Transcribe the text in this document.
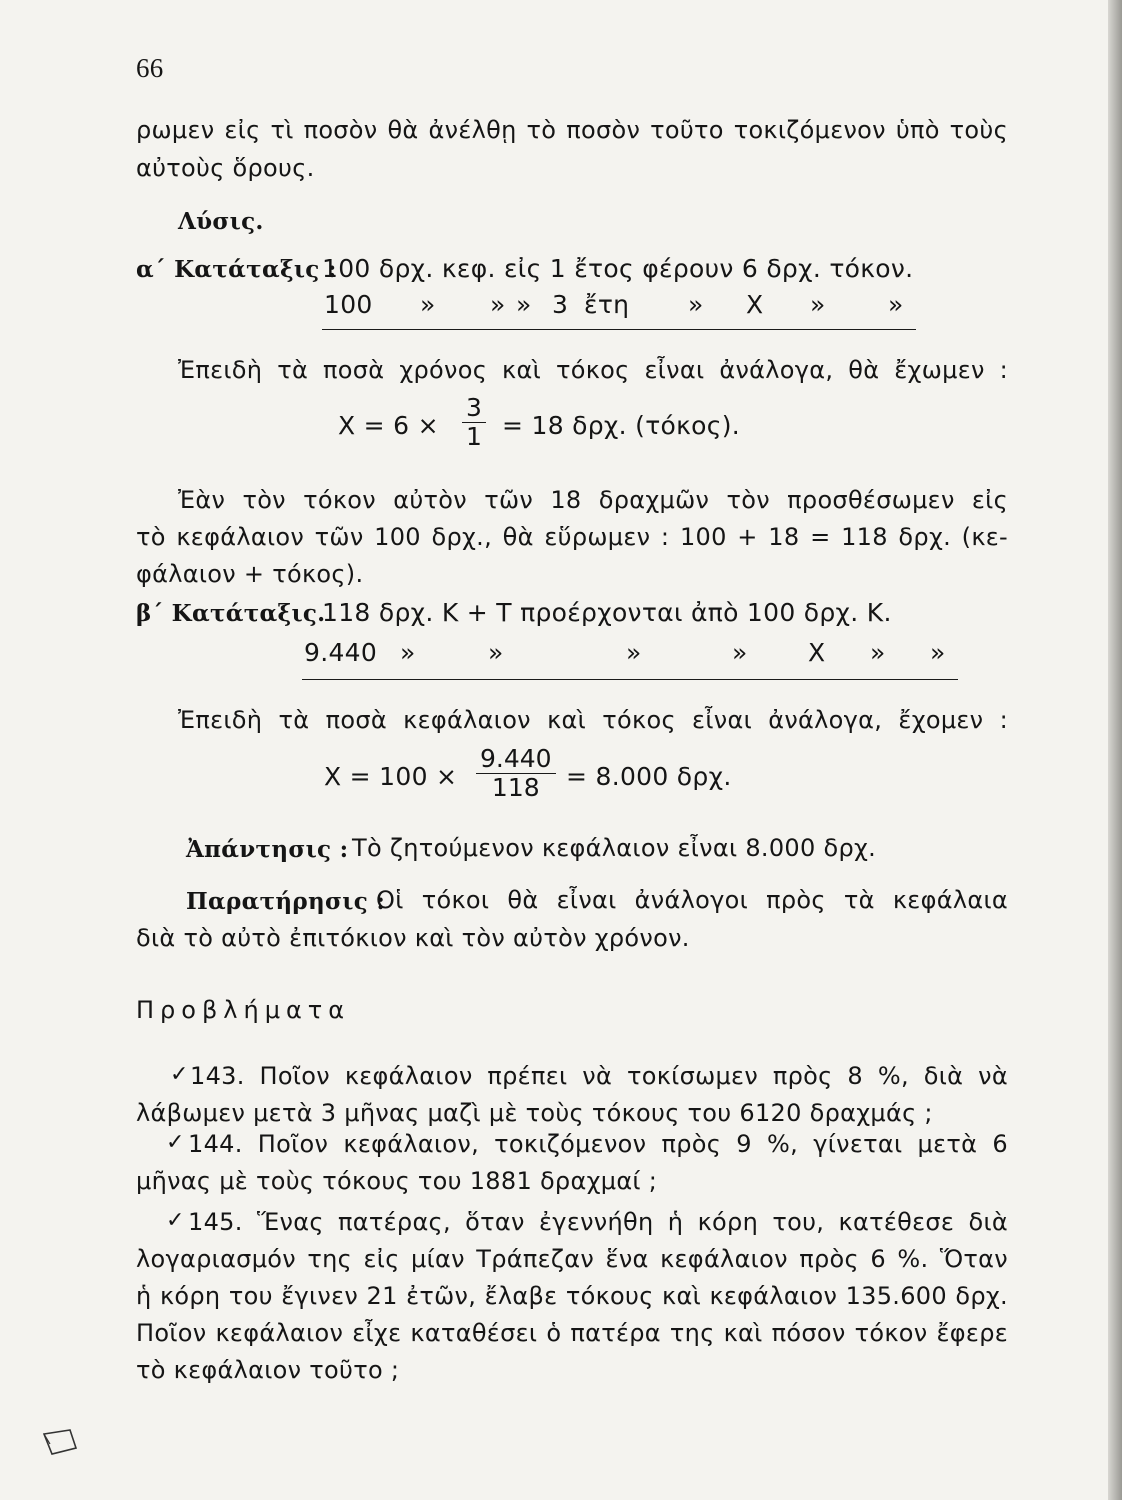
66
ρωμεν εἰς τὶ ποσὸν θὰ ἀνέλθῃ τὸ ποσὸν τοῦτο τοκιζόμενον ὑπὸ τοὺς
αὐτοὺς ὅρους.
Λύσις.
α΄ Κατάταξις :
100 δρχ. κεφ. εἰς 1 ἔτος φέρουν 6 δρχ. τόκον.
100 » » » 3 ἔτη » Χ » »
Ἐπειδὴ τὰ ποσὰ χρόνος καὶ τόκος εἶναι ἀνάλογα, θὰ ἔχωμεν :
$X = 6 \times \frac{3}{1} = 18$ δρχ. (τόκος).
Ἐὰν τὸν τόκον αὐτὸν τῶν 18 δραχμῶν τὸν προσθέσωμεν εἰς
τὸ κεφάλαιον τῶν 100 δρχ., θὰ εὕρωμεν : 100 + 18 = 118 δρχ. (κε-
φάλαιον + τόκος).
β΄ Κατάταξις.
118 δρχ. Κ + Τ προέρχονται ἀπὸ 100 δρχ. Κ.
9.440 »	»	»	» Χ » »
Ἐπειδὴ τὰ ποσὰ κεφάλαιον καὶ τόκος εἶναι ἀνάλογα, ἔχομεν :
$X = 100 \times \frac{9.440}{118} = 8.000$ δρχ.
Ἀπάντησις : Τὸ ζητούμενον κεφάλαιον εἶναι 8.000 δρχ.
Παρατήρησις :
Οἱ τόκοι θὰ εἶναι ἀνάλογοι πρὸς τὰ κεφάλαια
διὰ τὸ αὐτὸ ἐπιτόκιον καὶ τὸν αὐτὸν χρόνον.
Προβλήματα
✓ 143. Ποῖον κεφάλαιον πρέπει νὰ τοκίσωμεν πρὸς 8 %, διὰ νὰ
λάβωμεν μετὰ 3 μῆνας μαζὶ μὲ τοὺς τόκους του 6120 δραχμάς ;
✓ 144. Ποῖον κεφάλαιον, τοκιζόμενον πρὸς 9 %, γίνεται μετὰ 6
μῆνας μὲ τοὺς τόκους του 1881 δραχμαί ;
✓ 145. Ἕνας πατέρας, ὅταν ἐγεννήθη ἡ κόρη του, κατέθεσε διὰ
λογαριασμόν της εἰς μίαν Τράπεζαν ἕνα κεφάλαιον πρὸς 6 %. Ὅταν
ἡ κόρη του ἔγινεν 21 ἐτῶν, ἔλαβε τόκους καὶ κεφάλαιον 135.600 δρχ.
Ποῖον κεφάλαιον εἶχε καταθέσει ὁ πατέρα της καὶ πόσον τόκον ἔφερε
τὸ κεφάλαιον τοῦτο ;
